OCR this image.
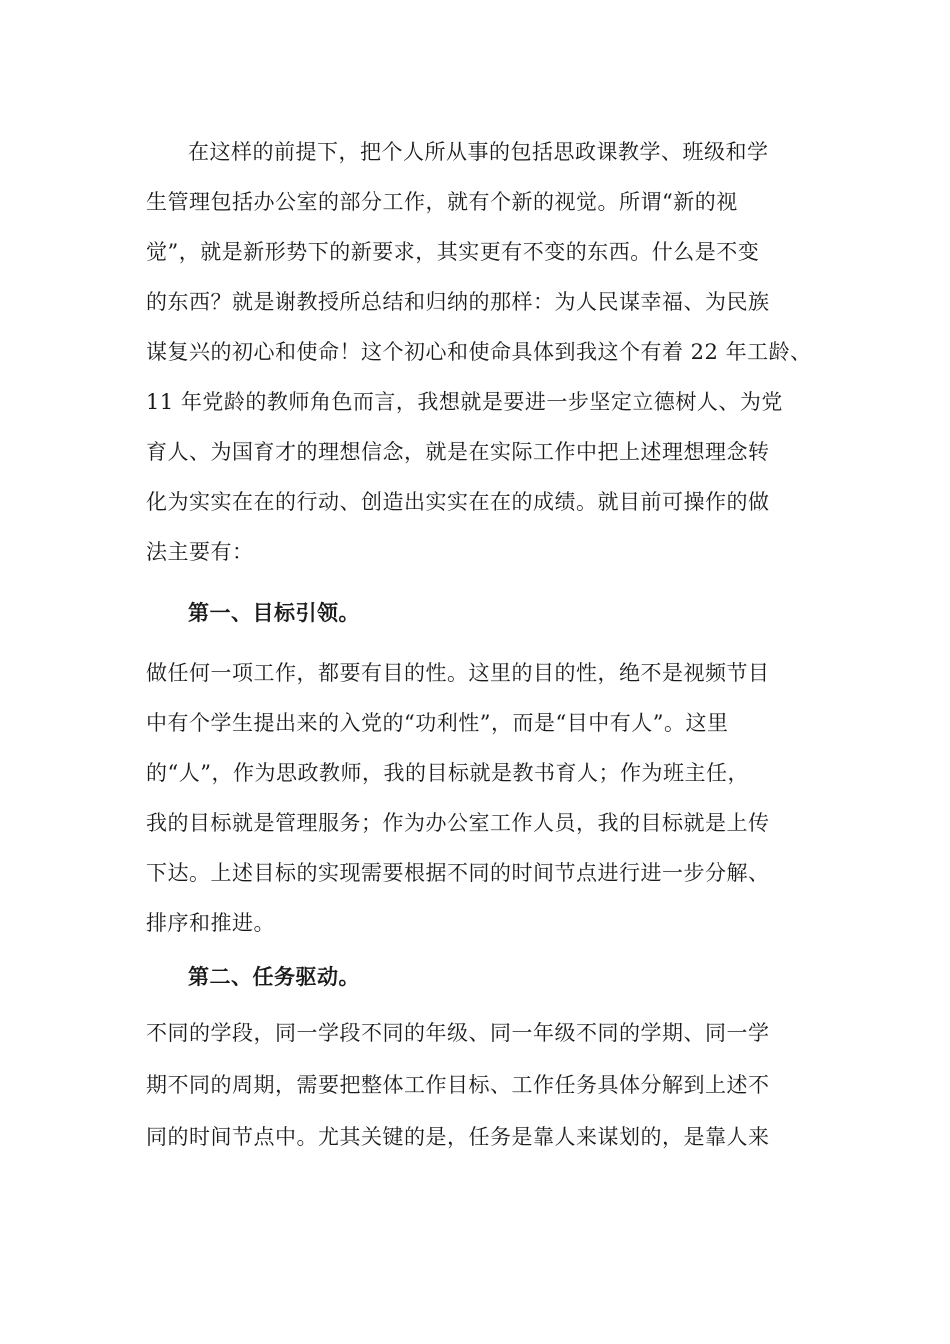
在这样的前提下，把个人所从事的包括思政课教学、班级和学
生管理包括办公室的部分工作，就有个新的视觉。所谓“新的视
觉”，就是新形势下的新要求，其实更有不变的东西。什么是不变
的东西？就是谢教授所总结和归纳的那样：为人民谋幸福、为民族
谋复兴的初心和使命！这个初心和使命具体到我这个有着 22 年工龄、
11 年党龄的教师角色而言，我想就是要进一步坚定立德树人、为党
育人、为国育才的理想信念，就是在实际工作中把上述理想理念转
化为实实在在的行动、创造出实实在在的成绩。就目前可操作的做
法主要有：
第一、目标引领。
做任何一项工作，都要有目的性。这里的目的性，绝不是视频节目
中有个学生提出来的入党的“功利性”，而是“目中有人”。这里
的“人”，作为思政教师，我的目标就是教书育人；作为班主任，
我的目标就是管理服务；作为办公室工作人员，我的目标就是上传
下达。上述目标的实现需要根据不同的时间节点进行进一步分解、
排序和推进。
第二、任务驱动。
不同的学段，同一学段不同的年级、同一年级不同的学期、同一学
期不同的周期，需要把整体工作目标、工作任务具体分解到上述不
同的时间节点中。尤其关键的是，任务是靠人来谋划的，是靠人来
